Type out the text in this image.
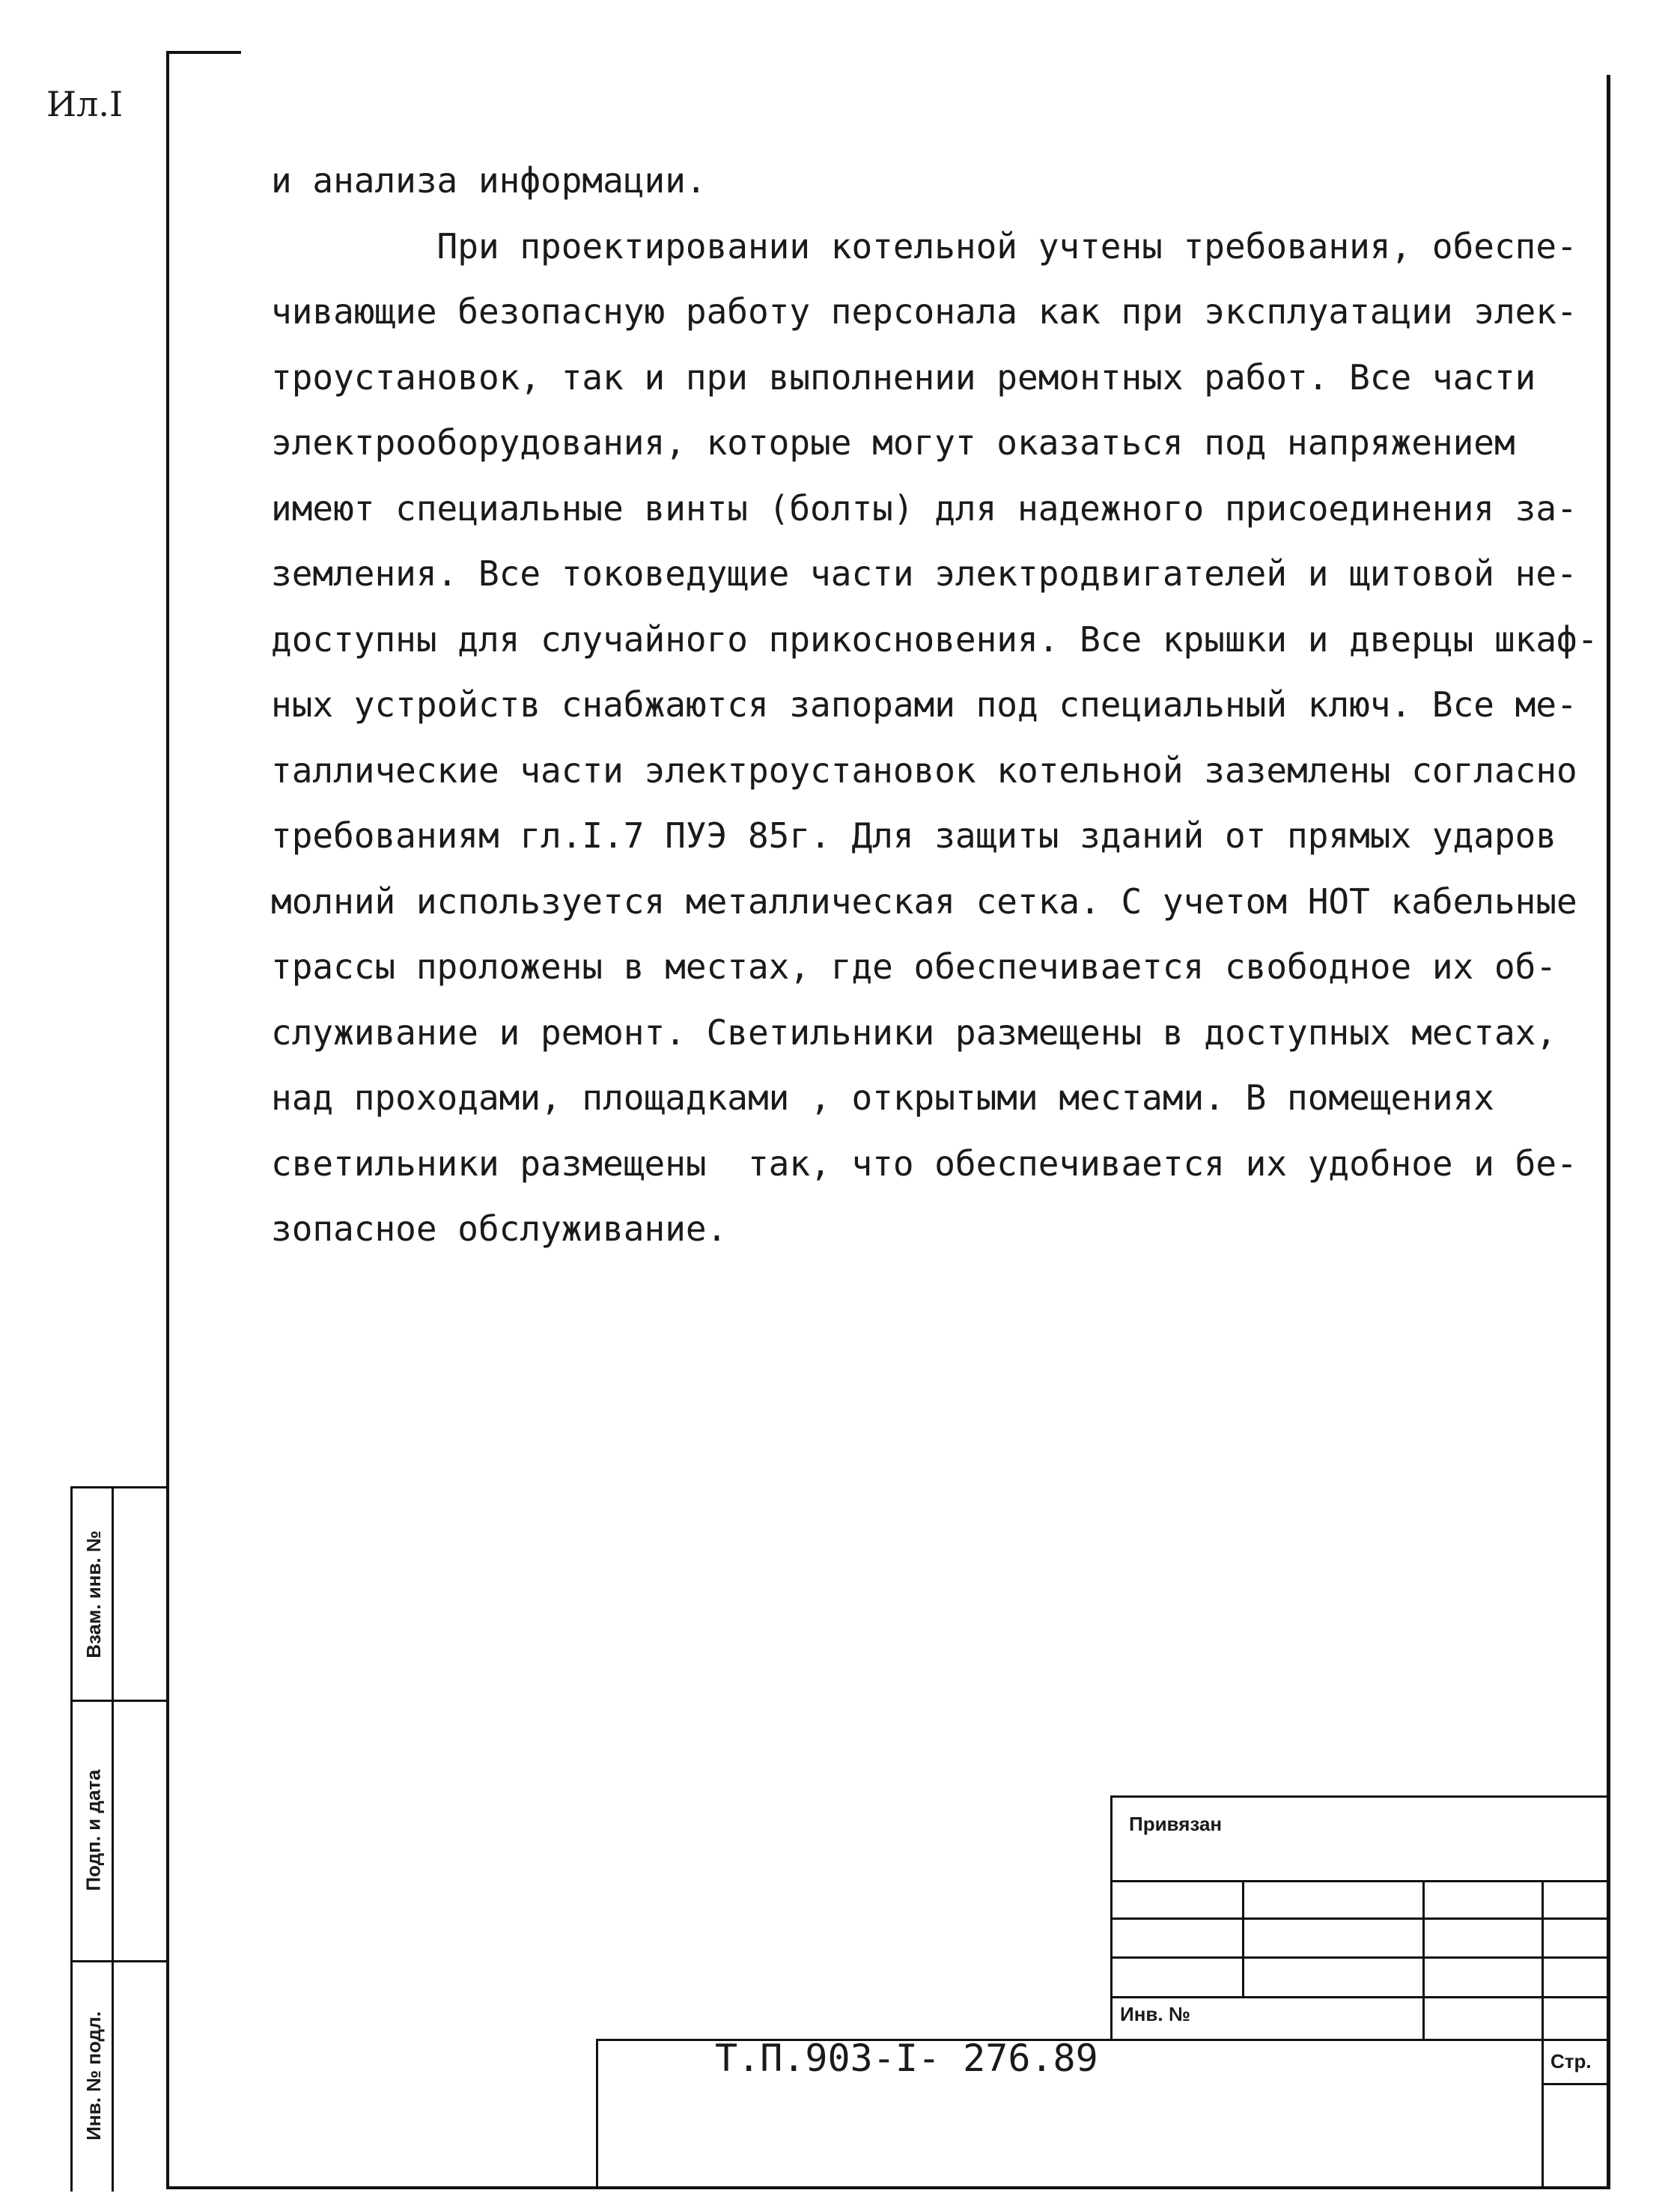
Ил.I
и анализа информации.
При проектировании котельной учтены требования, обеспе-
чивающие безопасную работу персонала как при эксплуатации элек-
троустановок, так и при выполнении ремонтных работ. Все части
электрооборудования, которые могут оказаться под напряжением
имеют специальные винты (болты) для надежного присоединения за-
земления. Все токоведущие части электродвигателей и щитовой не-
доступны для случайного прикосновения. Все крышки и дверцы шкаф-
ных устройств снабжаются запорами под специальный ключ. Все ме-
таллические части электроустановок котельной заземлены согласно
требованиям гл.I.7 ПУЭ 85г. Для защиты зданий от прямых ударов
молний используется металлическая сетка. С учетом НОТ кабельные
трассы проложены в местах, где обеспечивается свободное их об-
служивание и ремонт. Светильники размещены в доступных местах,
над проходами, площадками , открытыми местами. В помещениях
светильники размещены  так, что обеспечивается их удобное и бе-
зопасное обслуживание.
Взам. инв. №
Подп. и дата
Инв. № подл.
Привязан
Инв. №
Стр.
Т.П.903-I- 276.89
